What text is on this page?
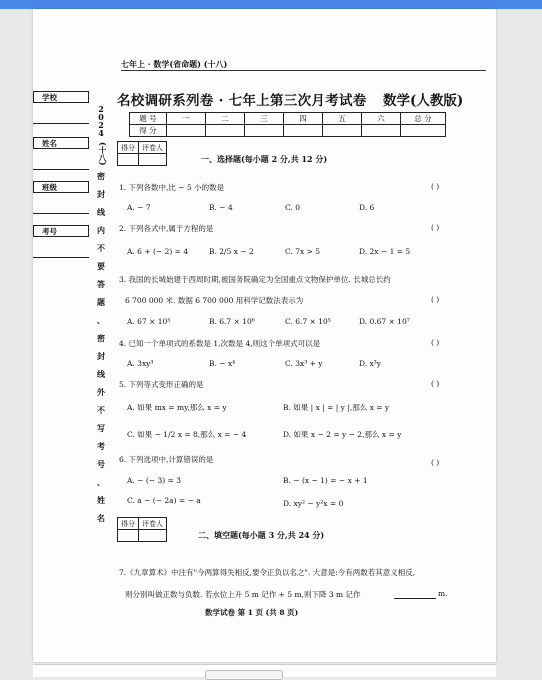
七年上 · 数学(省命题) (十八)
名校调研系列卷 · 七年上第三次月考试卷 数学(人教版)
学校
姓名
班级
考号
2
0
2
4
(十八)
密
封
线
内
不
要
答
题
、
密
封
线
外
不
写
考
号
、
姓
名
题 号	一	二	三	四	五	六	总 分
得 分							
得分	评卷人

一、选择题(每小题 2 分,共 12 分)
1. 下列各数中,比 − 5 小的数是	( )
A. − 7	B. − 4	C. 0	D. 6
2. 下列各式中,属于方程的是	( )
A. 6 + (− 2) = 4	B. 2/5 x − 2	C. 7x > 5	D. 2x − 1 = 5
3. 我国的长城始建于西周时期,被国务院确定为全国重点文物保护单位. 长城总长约
6 700 000 米. 数据 6 700 000 用科学记数法表示为	( )
A. 67 × 10⁵	B. 6.7 × 10⁶	C. 6.7 × 10⁵	D. 0.67 × 10⁷
4. 已知一个单项式的系数是 1,次数是 4,则这个单项式可以是	( )
A. 3xy³	B. − x⁴	C. 3x³ + y	D. x³y
5. 下列等式变形正确的是	( )
A. 如果 mx = my,那么 x = y	B. 如果 | x | = | y |,那么 x = y
C. 如果 − 1/2 x = 8,那么 x = − 4	D. 如果 x − 2 = y − 2,那么 x = y
6. 下列选项中,计算错误的是	( )
A. − (− 3) = 3	B. − (x − 1) = − x + 1
C. a − (− 2a) = − a	D. xy² − y²x = 0
得分	评卷人

二、填空题(每小题 3 分,共 24 分)
7.《九章算术》中注有"今两算得失相反,要令正负以名之". 大意是:今有两数若其意义相反,
则分别叫做正数与负数. 若水位上升 5 m 记作 + 5 m,则下降 3 m 记作	m.
数学试卷 第 1 页 (共 8 页)
